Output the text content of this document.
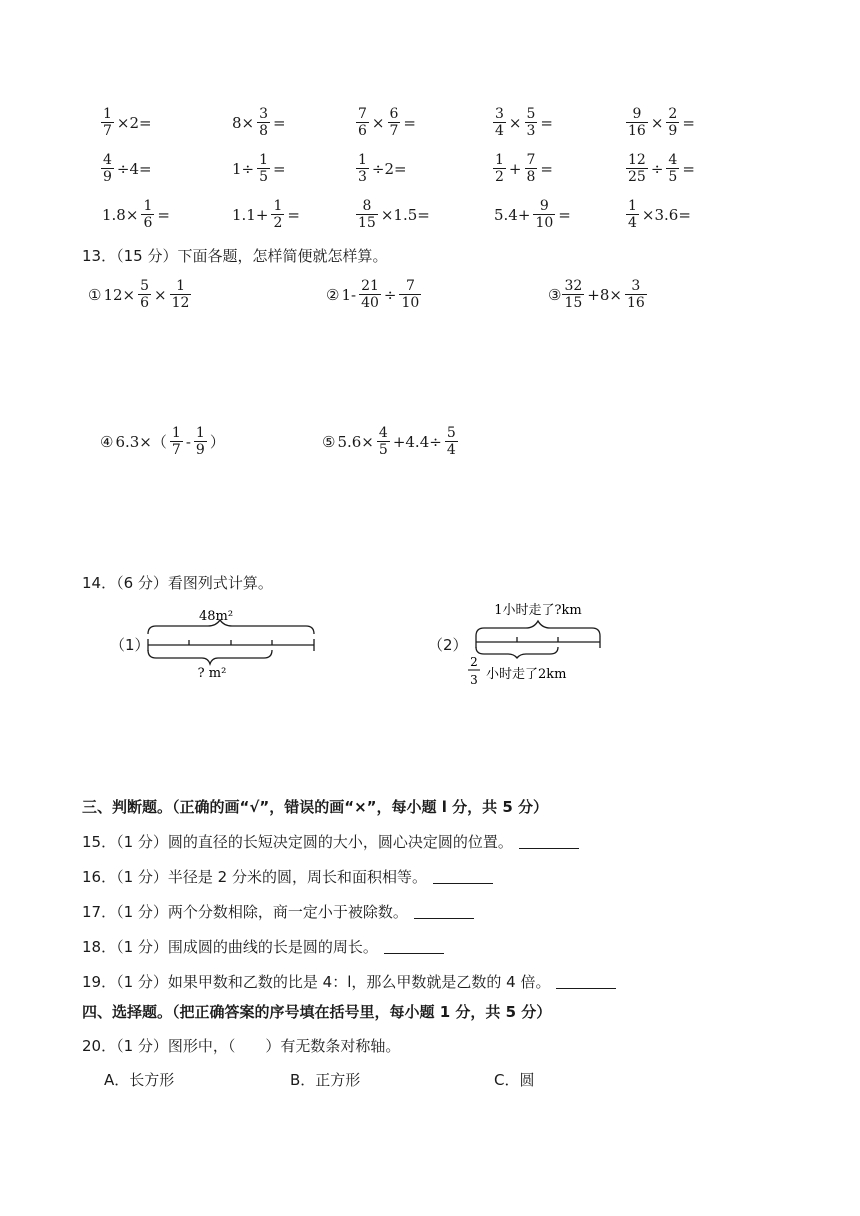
$\frac{1}{7} \times 2=$	$8\times \frac{3}{8}$ =	$\frac{7}{6} \times \frac{6}{7}$ =	$\frac{3}{4} \times \frac{5}{3}$ =	$\frac{9}{16} \times \frac{2}{9}$ =
$\frac{4}{9} \div 4=$	$1\div \frac{1}{5}$ =	$\frac{1}{3} \div 2=$	$\frac{1}{2} + \frac{7}{8}$ =	$\frac{12}{25} \div \frac{4}{5}$ =
$1.8\times \frac{1}{6}$ =	$1.1+ \frac{1}{2}$ =	$\frac{8}{15} \times 1.5=$	$5.4+ \frac{9}{10}$ =	$\frac{1}{4} \times 3.6=$
13．（15 分）下面各题，怎样简便就怎样算。
① $12\times \frac{5}{6} \times \frac{1}{12}$	② $1- \frac{21}{40} \div \frac{7}{10}$	③ $\frac{32}{15} +8\times \frac{3}{16}$
④ $6.3\times( \frac{1}{7} - \frac{1}{9}$ ）	⑤ $5.6\times \frac{4}{5} +4.4\div \frac{5}{4}$
14．（6 分）看图列式计算。
（1）
48m²
? m²
（2）
1小时走了?km
2
3 小时走了2km
三、判断题。（正确的画“√”，错误的画“×”，每小题 l 分，共 5 分）
15．（1 分）圆的直径的长短决定圆的大小，圆心决定圆的位置。
16．（1 分）半径是 2 分米的圆，周长和面积相等。
17．（1 分）两个分数相除，商一定小于被除数。
18．（1 分）围成圆的曲线的长是圆的周长。
19．（1 分）如果甲数和乙数的比是 4：l，那么甲数就是乙数的 4 倍。
四、选择题。（把正确答案的序号填在括号里，每小题 1 分，共 5 分）
20．（1 分）图形中，（　　）有无数条对称轴。
A．长方形	B．正方形	C．圆
